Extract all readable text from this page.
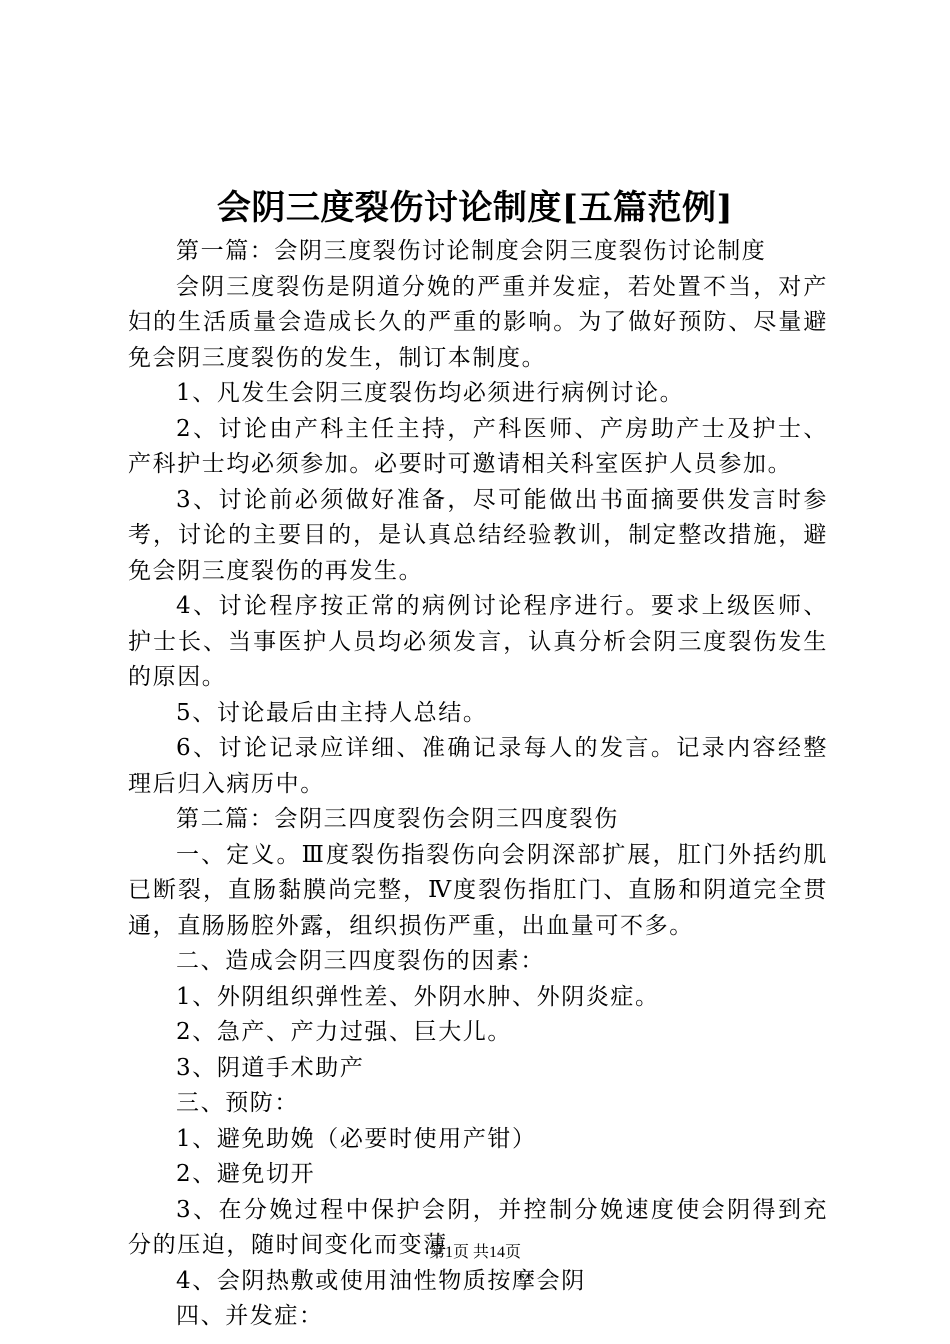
会阴三度裂伤讨论制度[五篇范例]

第一篇：会阴三度裂伤讨论制度会阴三度裂伤讨论制度

会阴三度裂伤是阴道分娩的严重并发症，若处置不当，对产妇的生活质量会造成长久的严重的影响。为了做好预防、尽量避免会阴三度裂伤的发生，制订本制度。

1、凡发生会阴三度裂伤均必须进行病例讨论。

2、讨论由产科主任主持，产科医师、产房助产士及护士、产科护士均必须参加。必要时可邀请相关科室医护人员参加。

3、讨论前必须做好准备，尽可能做出书面摘要供发言时参考，讨论的主要目的，是认真总结经验教训，制定整改措施，避免会阴三度裂伤的再发生。

4、讨论程序按正常的病例讨论程序进行。要求上级医师、护士长、当事医护人员均必须发言，认真分析会阴三度裂伤发生的原因。

5、讨论最后由主持人总结。

6、讨论记录应详细、准确记录每人的发言。记录内容经整理后归入病历中。

第二篇：会阴三四度裂伤会阴三四度裂伤

一、定义。Ⅲ度裂伤指裂伤向会阴深部扩展，肛门外括约肌已断裂，直肠黏膜尚完整，Ⅳ度裂伤指肛门、直肠和阴道完全贯通，直肠肠腔外露，组织损伤严重，出血量可不多。

二、造成会阴三四度裂伤的因素：

1、外阴组织弹性差、外阴水肿、外阴炎症。

2、急产、产力过强、巨大儿。

3、阴道手术助产

三、预防：

1、避免助娩（必要时使用产钳）

2、避免切开

3、在分娩过程中保护会阴，并控制分娩速度使会阴得到充分的压迫，随时间变化而变薄

4、会阴热敷或使用油性物质按摩会阴

四、并发症：

第1页 共14页
